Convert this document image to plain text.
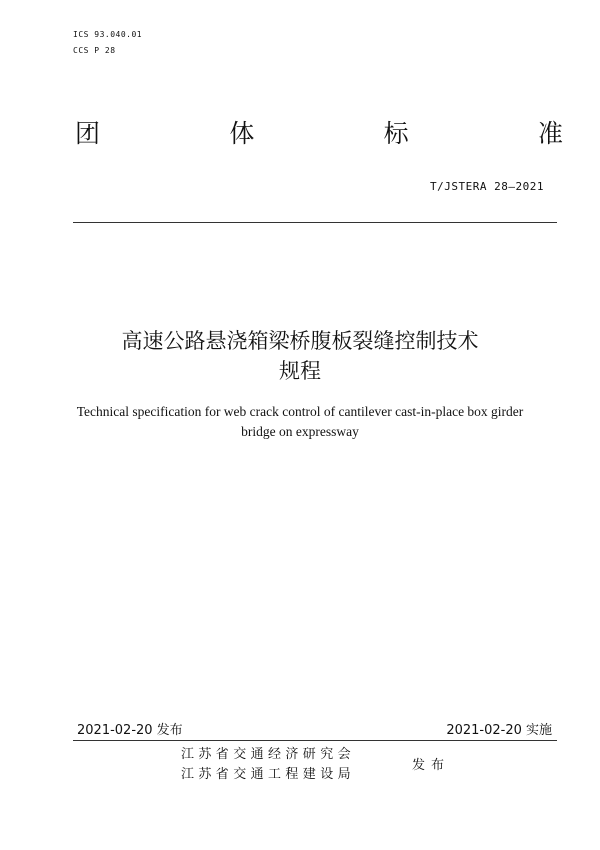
ICS 93.040.01
CCS P 28
团	体	标	准
T/JSTERA 28—2021
高速公路悬浇箱梁桥腹板裂缝控制技术
规程
Technical specification for web crack control of cantilever cast-in-place box girder
bridge on expressway
2021-02-20 发布	2021-02-20 实施
江苏省交通经济研究会
江苏省交通工程建设局
发布
